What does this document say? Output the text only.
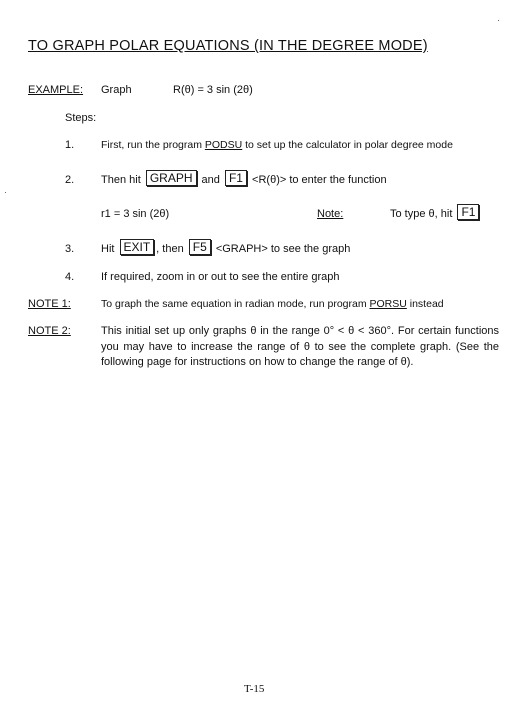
TO GRAPH POLAR EQUATIONS (IN THE DEGREE MODE)
EXAMPLE: Graph	R(θ) = 3 sin (2θ)
Steps:
1.	First, run the program PODSU to set up the calculator in polar degree mode
2. Then hit GRAPH and F1 <R(θ)> to enter the function
r1 = 3 sin (2θ)	Note:	To type θ, hit F1
3. Hit EXIT , then F5 <GRAPH> to see the graph
4. If required, zoom in or out to see the entire graph
NOTE 1:	To graph the same equation in radian mode, run program PORSU instead
NOTE 2:	This initial set up only graphs θ in the range 0° < θ < 360°. For certain functions you may have to increase the range of θ to see the complete graph. (See the following page for instructions on how to change the range of θ).

T-15
